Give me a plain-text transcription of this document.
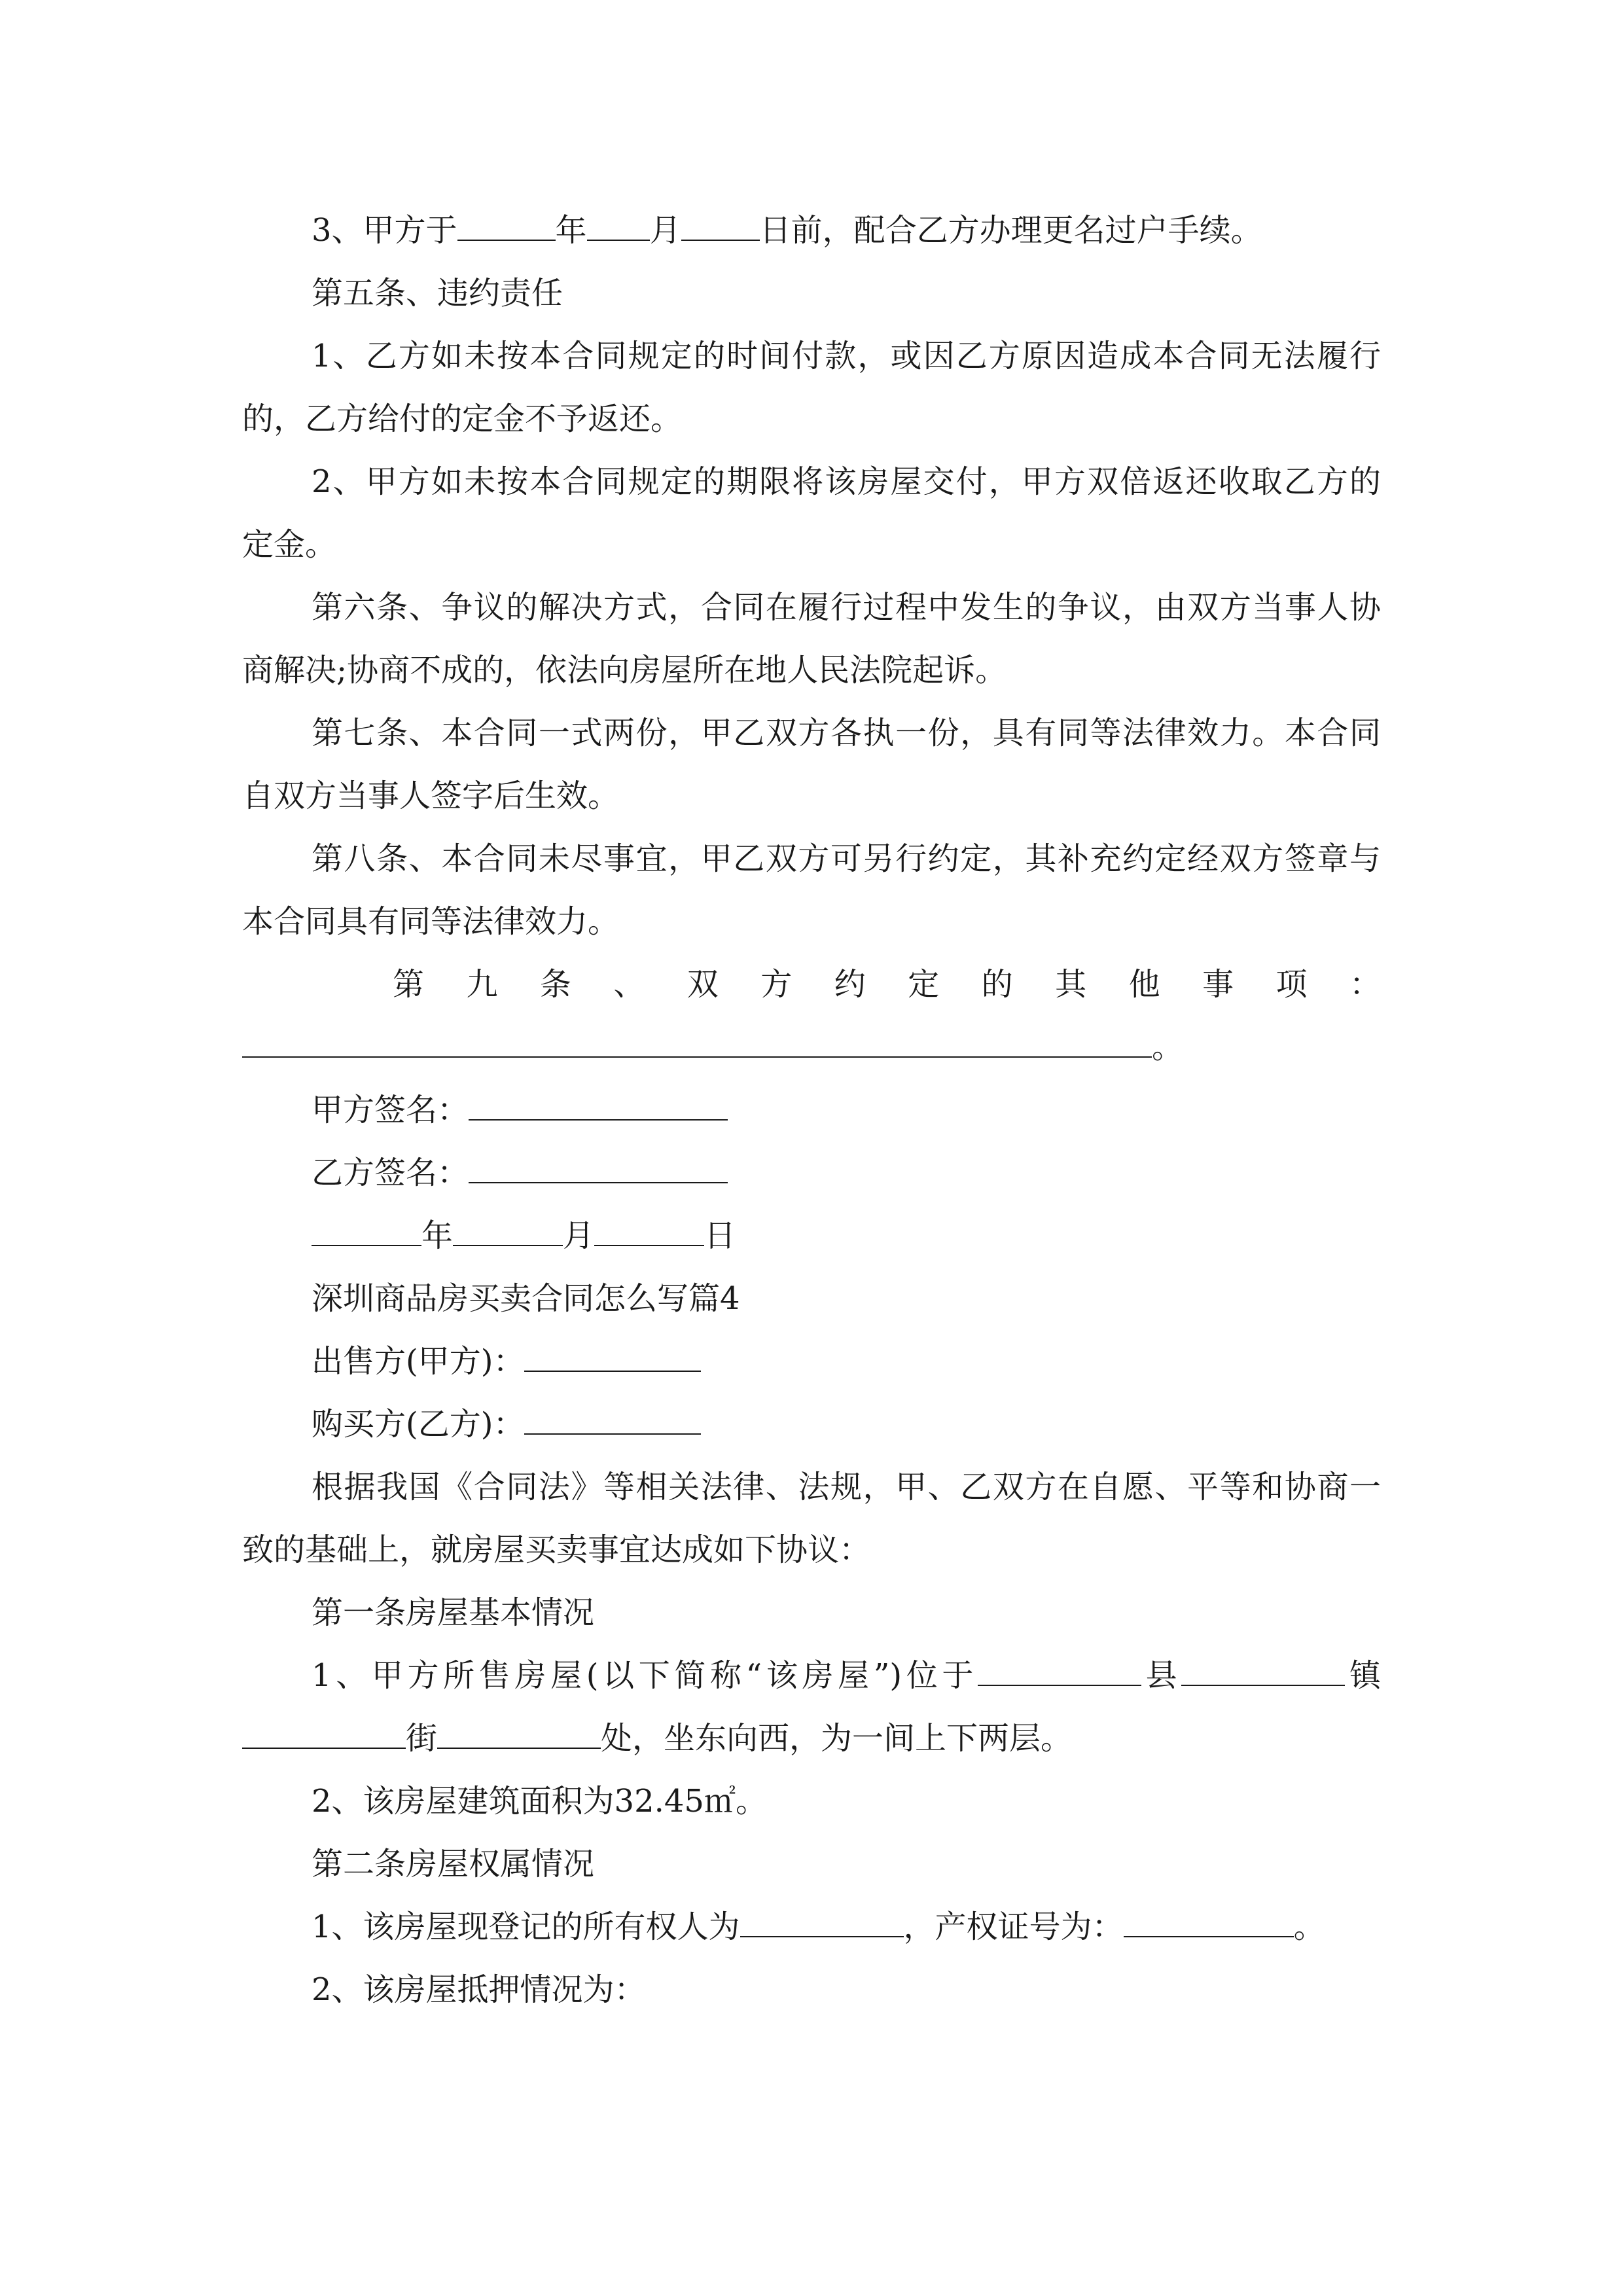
3、甲方于	年 月	日前，配合乙方办理更名过户手续。
第五条、违约责任
1、乙方如未按本合同规定的时间付款，或因乙方原因造成本合同无法履行
的，乙方给付的定金不予返还。
2、甲方如未按本合同规定的期限将该房屋交付，甲方双倍返还收取乙方的
定金。
第六条、争议的解决方式，合同在履行过程中发生的争议，由双方当事人协
商解决;协商不成的，依法向房屋所在地人民法院起诉。
第七条、本合同一式两份，甲乙双方各执一份，具有同等法律效力。本合同
自双方当事人签字后生效。
第八条、本合同未尽事宜，甲乙双方可另行约定，其补充约定经双方签章与
本合同具有同等法律效力。
第 九 条 、 双 方 约 定 的 其 他 事 项 ：
。
甲方签名：
乙方签名：
年	月	日
深圳商品房买卖合同怎么写篇4
出售方(甲方)：
购买方(乙方)：
根据我国《合同法》等相关法律、法规，甲、乙双方在自愿、平等和协商一
致的基础上，就房屋买卖事宜达成如下协议：
第一条房屋基本情况
1、甲方所售房屋(以下简称“该房屋”)位于	县	镇
街	处，坐东向西，为一间上下两层。
2、该房屋建筑面积为32.45㎡。
第二条房屋权属情况
1、该房屋现登记的所有权人为	，产权证号为：	。
2、该房屋抵押情况为：
